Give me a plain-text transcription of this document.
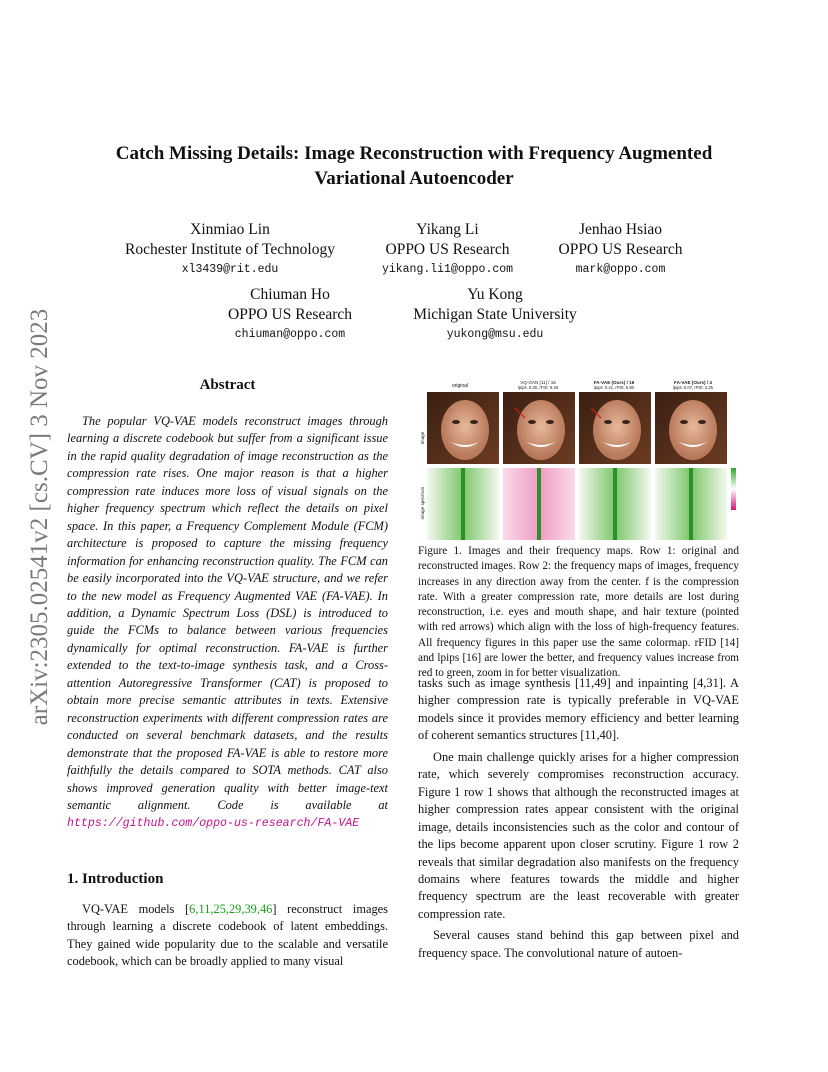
arXiv:2305.02541v2 [cs.CV] 3 Nov 2023
Catch Missing Details: Image Reconstruction with Frequency Augmented
Variational Autoencoder
Xinmiao Lin
Rochester Institute of Technology
xl3439@rit.edu
Yikang Li
OPPO US Research
yikang.li1@oppo.com
Jenhao Hsiao
OPPO US Research
mark@oppo.com
Chiuman Ho
OPPO US Research
chiuman@oppo.com
Yu Kong
Michigan State University
yukong@msu.edu
Abstract

The popular VQ-VAE models reconstruct images through learning a discrete codebook but suffer from a significant issue in the rapid quality degradation of image reconstruction as the compression rate rises. One major reason is that a higher compression rate induces more loss of visual signals on the higher frequency spectrum which reflect the details on pixel space. In this paper, a Frequency Complement Module (FCM) architecture is proposed to capture the missing frequency information for enhancing reconstruction quality. The FCM can be easily incorporated into the VQ-VAE structure, and we refer to the new model as Frequency Augmented VAE (FA-VAE). In addition, a Dynamic Spectrum Loss (DSL) is introduced to guide the FCMs to balance between various frequencies dynamically for optimal reconstruction. FA-VAE is further extended to the text-to-image synthesis task, and a Cross-attention Autoregressive Transformer (CAT) is proposed to obtain more precise semantic attributes in texts. Extensive reconstruction experiments with different compression rates are conducted on several benchmark datasets, and the results demonstrate that the proposed FA-VAE is able to restore more faithfully the details compared to SOTA methods. CAT also shows improved generation quality with better image-text semantic alignment. Code is available at https://github.com/oppo-us-research/FA-VAE

1. Introduction

VQ-VAE models [6,11,25,29,39,46] reconstruct images through learning a discrete codebook of latent embeddings. They gained wide popularity due to the scalable and versatile codebook, which can be broadly applied to many visual

original
VQ-GAN [11] / 16
lpips: 0.30, rFID: 9.48
FA-VAE (Ours) / 16
lpips: 0.21, rFID: 5.90
FA-VAE (Ours) / 4
lpips: 0.07, rFID: 2.25
image
image spectrum
Figure 1. Images and their frequency maps. Row 1: original and reconstructed images. Row 2: the frequency maps of images, frequency increases in any direction away from the center. f is the compression rate. With a greater compression rate, more details are lost during reconstruction, i.e. eyes and mouth shape, and hair texture (pointed with red arrows) which align with the loss of high-frequency features. All frequency figures in this paper use the same colormap. rFID [14] and lpips [16] are lower the better, and frequency values increase from red to green, zoom in for better visualization.

tasks such as image synthesis [11,49] and inpainting [4,31]. A higher compression rate is typically preferable in VQ-VAE models since it provides memory efficiency and better learning of coherent semantics structures [11,40].

One main challenge quickly arises for a higher compression rate, which severely compromises reconstruction accuracy. Figure 1 row 1 shows that although the reconstructed images at higher compression rates appear consistent with the original image, details inconsistencies such as the color and contour of the lips become apparent upon closer scrutiny. Figure 1 row 2 reveals that similar degradation also manifests on the frequency domains where features towards the middle and higher frequency spectrum are the least recoverable with greater compression rate.

Several causes stand behind this gap between pixel and frequency space. The convolutional nature of autoen-
